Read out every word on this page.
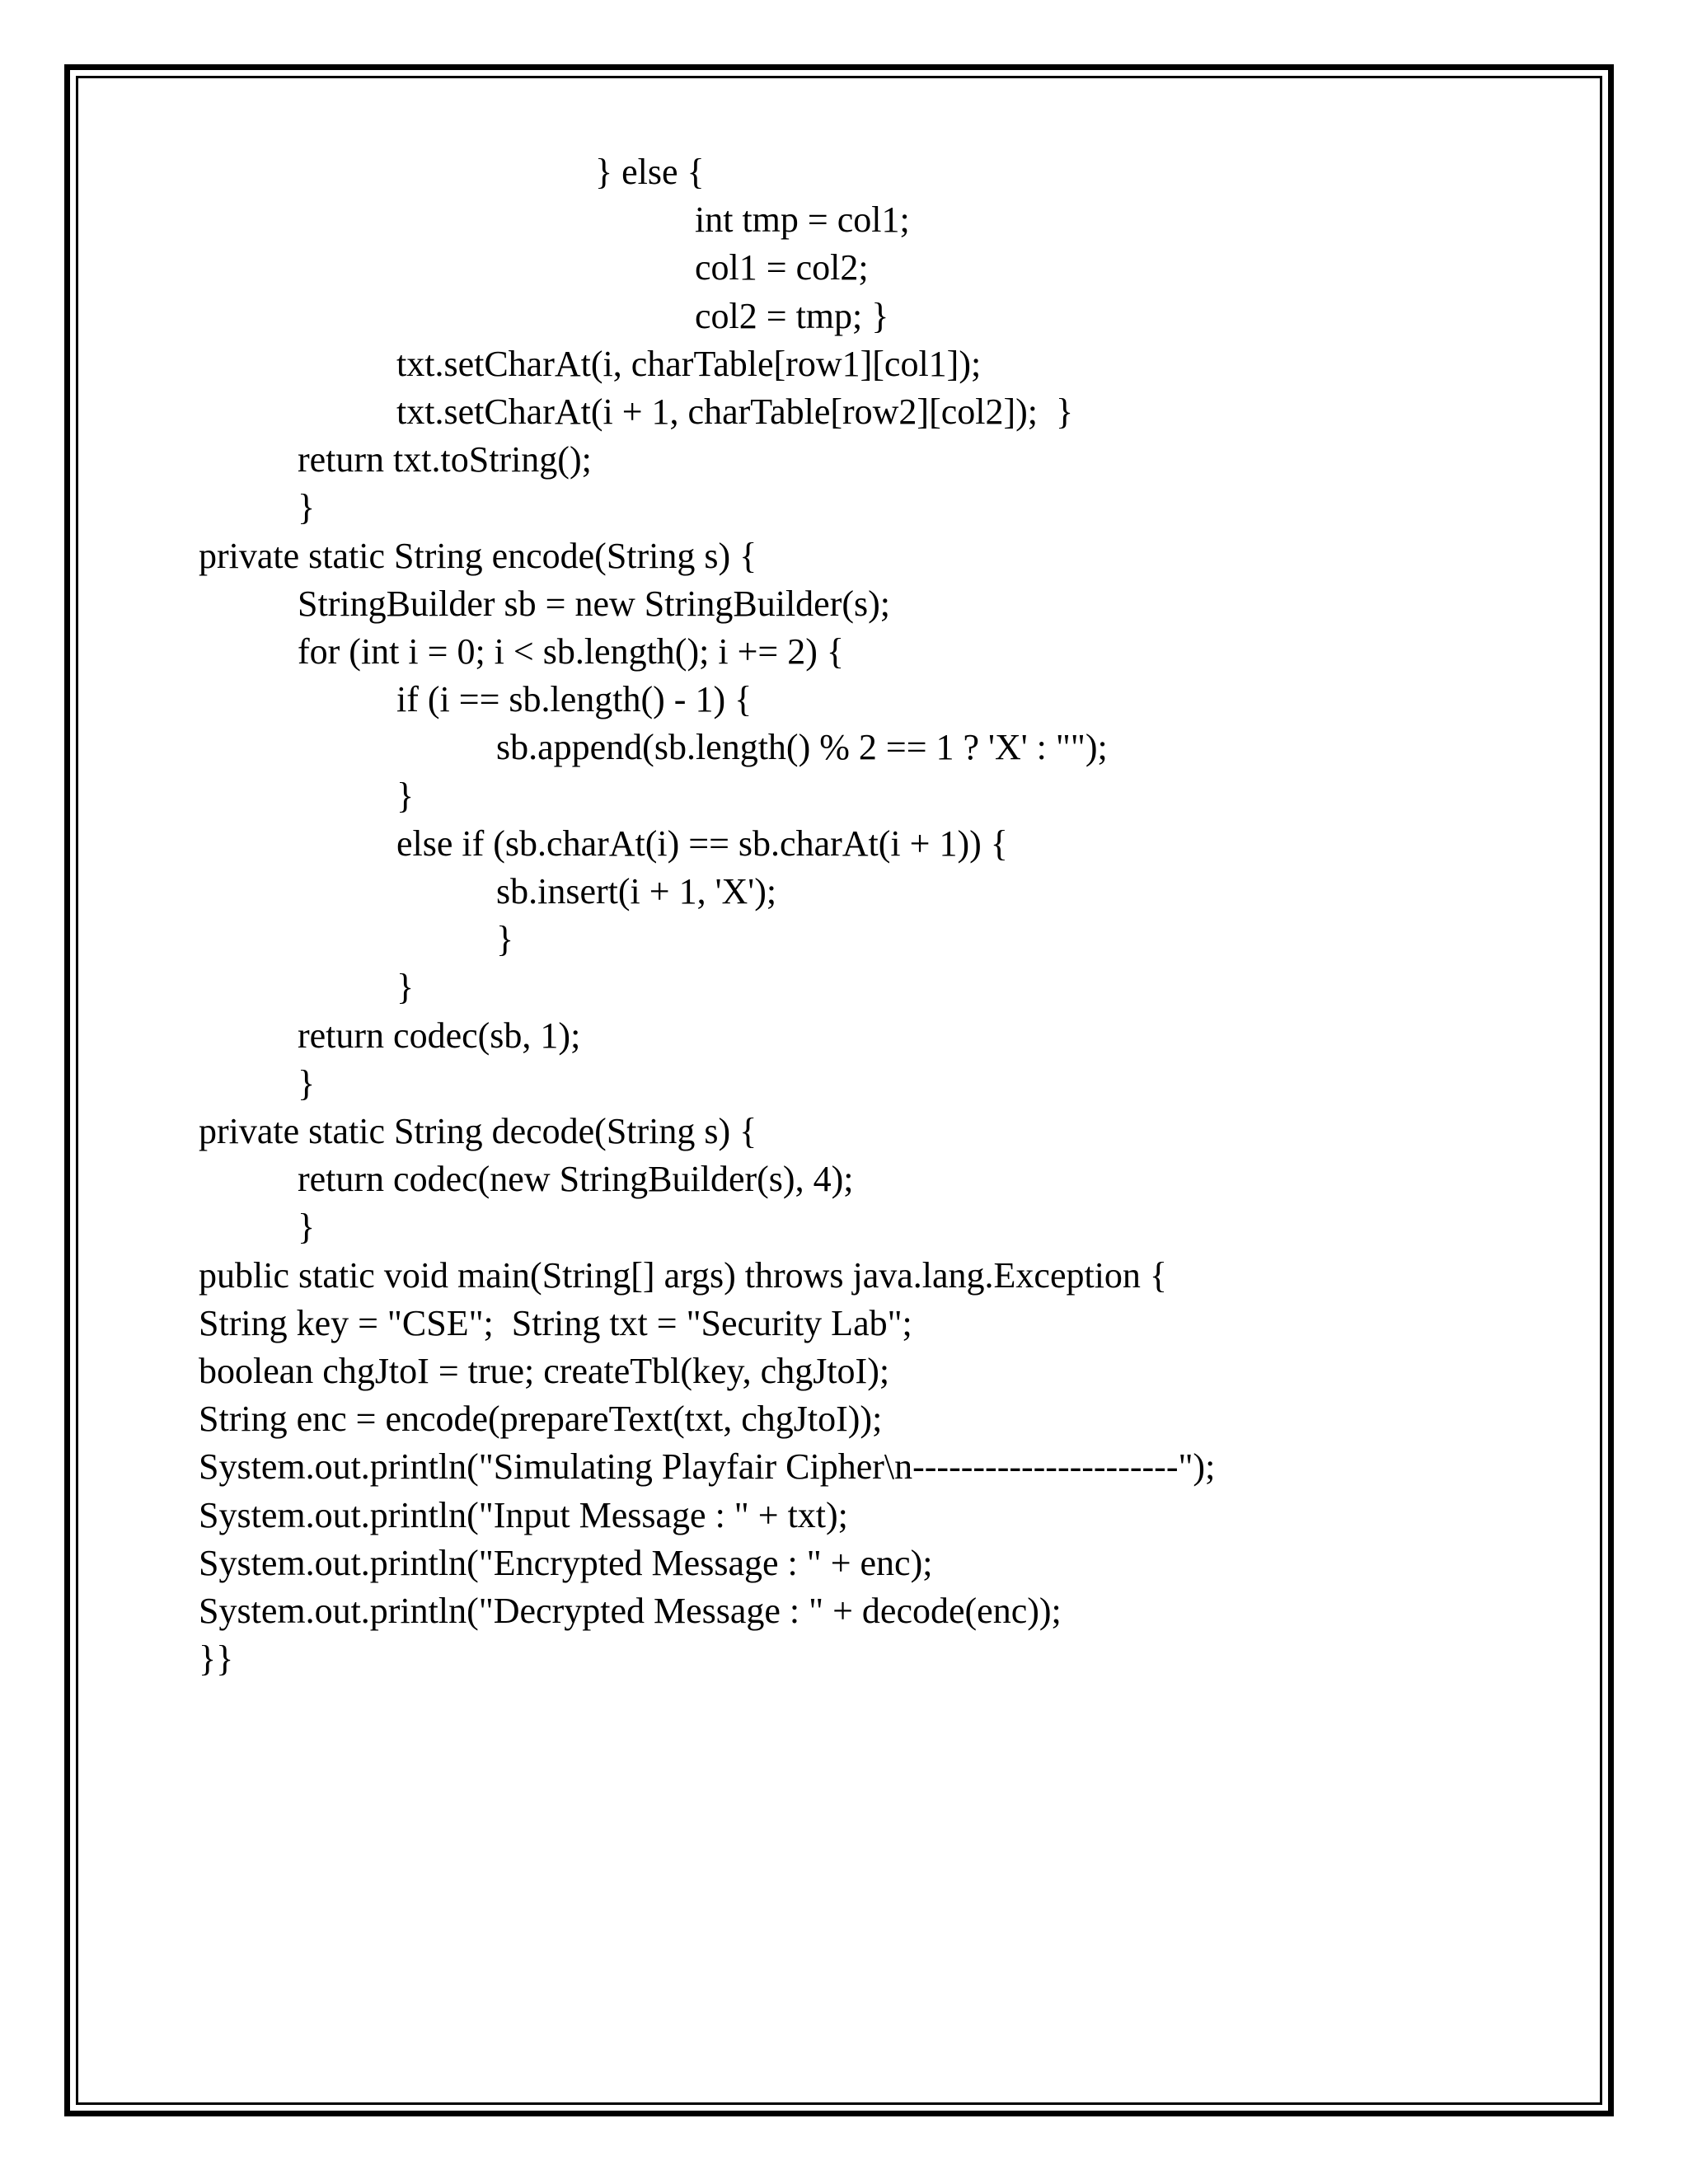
} else {
int tmp = col1;
col1 = col2;
col2 = tmp; }
txt.setCharAt(i, charTable[row1][col1]);
txt.setCharAt(i + 1, charTable[row2][col2]);  }
return txt.toString();
}
private static String encode(String s) {
StringBuilder sb = new StringBuilder(s);
for (int i = 0; i < sb.length(); i += 2) {
if (i == sb.length() - 1) {
sb.append(sb.length() % 2 == 1 ? 'X' : "");
}
else if (sb.charAt(i) == sb.charAt(i + 1)) {
sb.insert(i + 1, 'X');
}
}
return codec(sb, 1);
}
private static String decode(String s) {
return codec(new StringBuilder(s), 4);
}
public static void main(String[] args) throws java.lang.Exception {
String key = "CSE";  String txt = "Security Lab";
boolean chgJtoI = true; createTbl(key, chgJtoI);
String enc = encode(prepareText(txt, chgJtoI));
System.out.println("Simulating Playfair Cipher\n----------------------");
System.out.println("Input Message : " + txt);
System.out.println("Encrypted Message : " + enc);
System.out.println("Decrypted Message : " + decode(enc));
}}
